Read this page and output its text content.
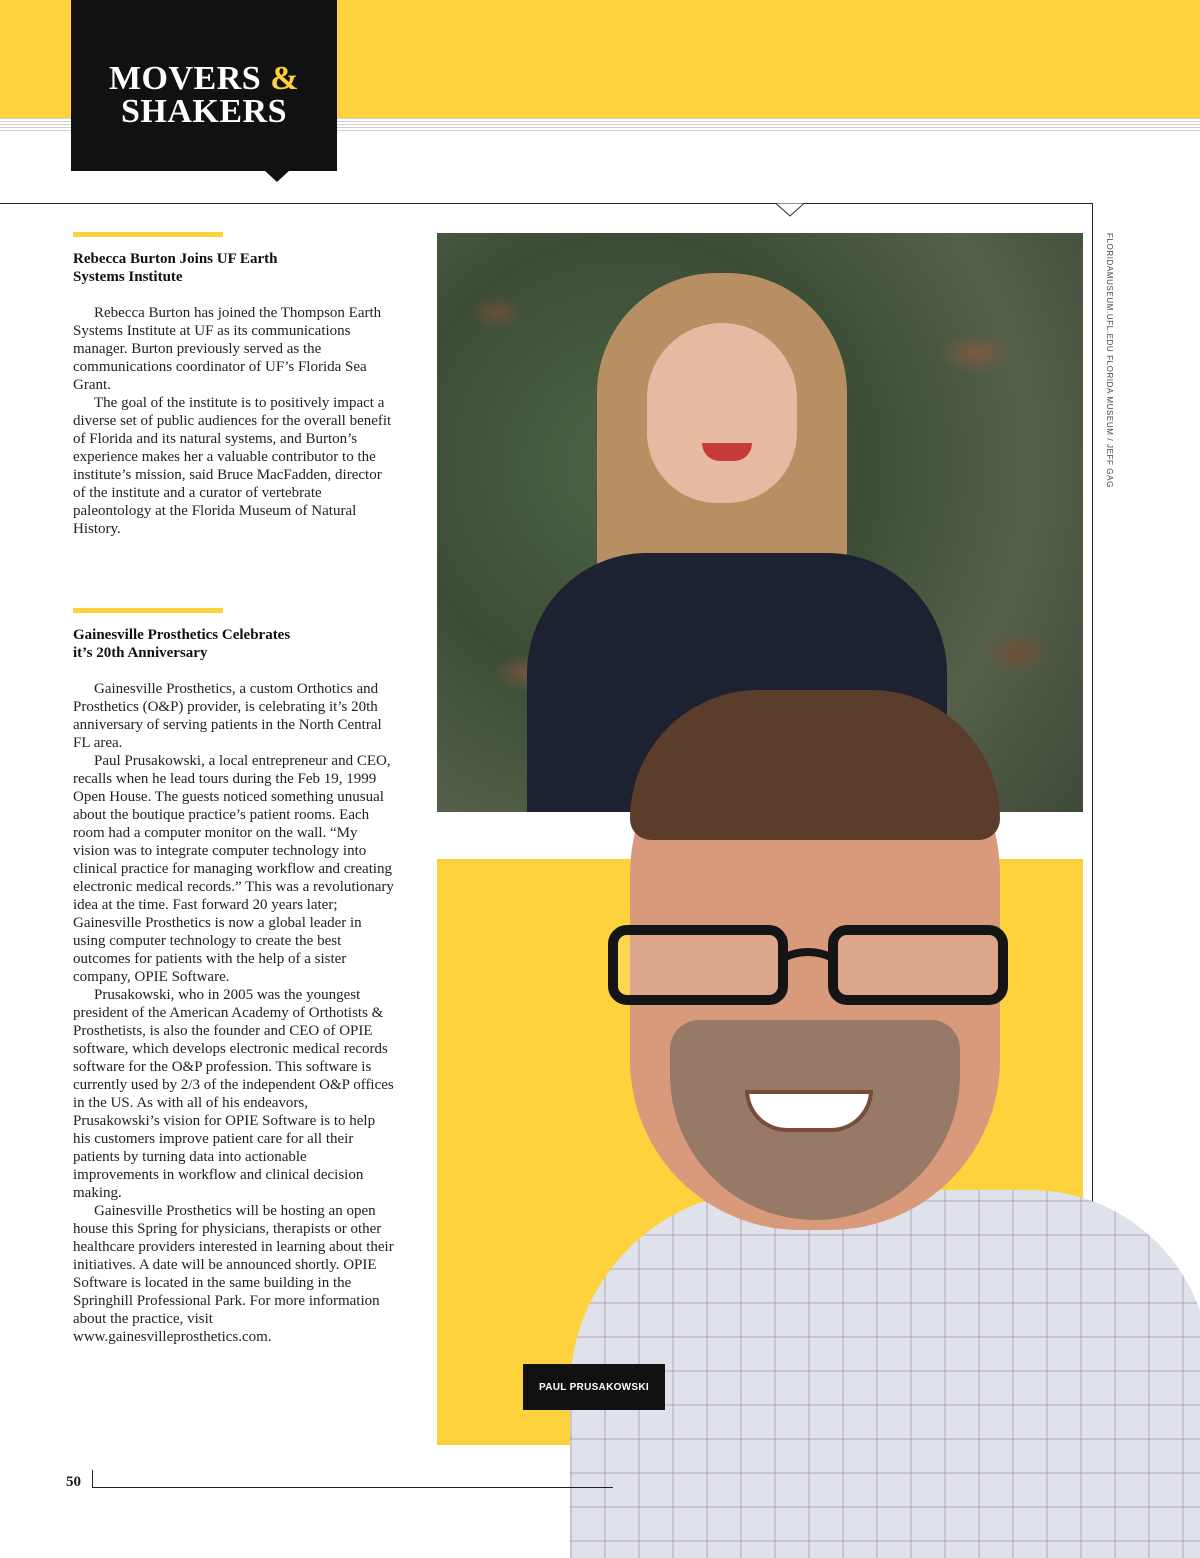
MOVERS &
SHAKERS
Rebecca Burton Joins UF Earth
Systems Institute

Rebecca Burton has joined the Thompson Earth Systems Institute at UF as its communications manager. Burton previously served as the communications coordinator of UF’s Florida Sea Grant.

The goal of the institute is to positively impact a diverse set of public audiences for the overall benefit of Florida and its natural systems, and Burton’s experience makes her a valuable contributor to the institute’s mission, said Bruce MacFadden, director of the institute and a curator of vertebrate paleontology at the Florida Museum of Natural History.

Gainesville Prosthetics Celebrates
it’s 20th Anniversary

Gainesville Prosthetics, a custom Orthotics and Prosthetics (O&P) provider, is celebrating it’s 20th anniversary of serving patients in the North Central FL area.

Paul Prusakowski, a local entrepreneur and CEO, recalls when he lead tours during the Feb 19, 1999 Open House. The guests noticed something unusual about the boutique practice’s patient rooms. Each room had a computer monitor on the wall. “My vision was to integrate computer technology into clinical practice for managing workflow and creating electronic medical records.” This was a revolutionary idea at the time. Fast forward 20 years later; Gainesville Prosthetics is now a global leader in using computer technology to create the best outcomes for patients with the help of a sister company, OPIE Software.

Prusakowski, who in 2005 was the youngest president of the American Academy of Orthotists & Prosthetists, is also the founder and CEO of OPIE software, which develops electronic medical records software for the O&P profession. This software is currently used by 2/3 of the independent O&P offices in the US. As with all of his endeavors, Prusakowski’s vision for OPIE Software is to help his customers improve patient care for all their patients by turning data into actionable improvements in workflow and clinical decision making.

Gainesville Prosthetics will be hosting an open house this Spring for physicians, therapists or other healthcare providers interested in learning about their initiatives. A date will be announced shortly. OPIE Software is located in the same building in the Springhill Professional Park. For more information about the practice, visit www.gainesvilleprosthetics.com.

FLORIDAMUSEUM.UFL.EDU FLORIDA MUSEUM / JEFF GAG
PAUL PRUSAKOWSKI
50
